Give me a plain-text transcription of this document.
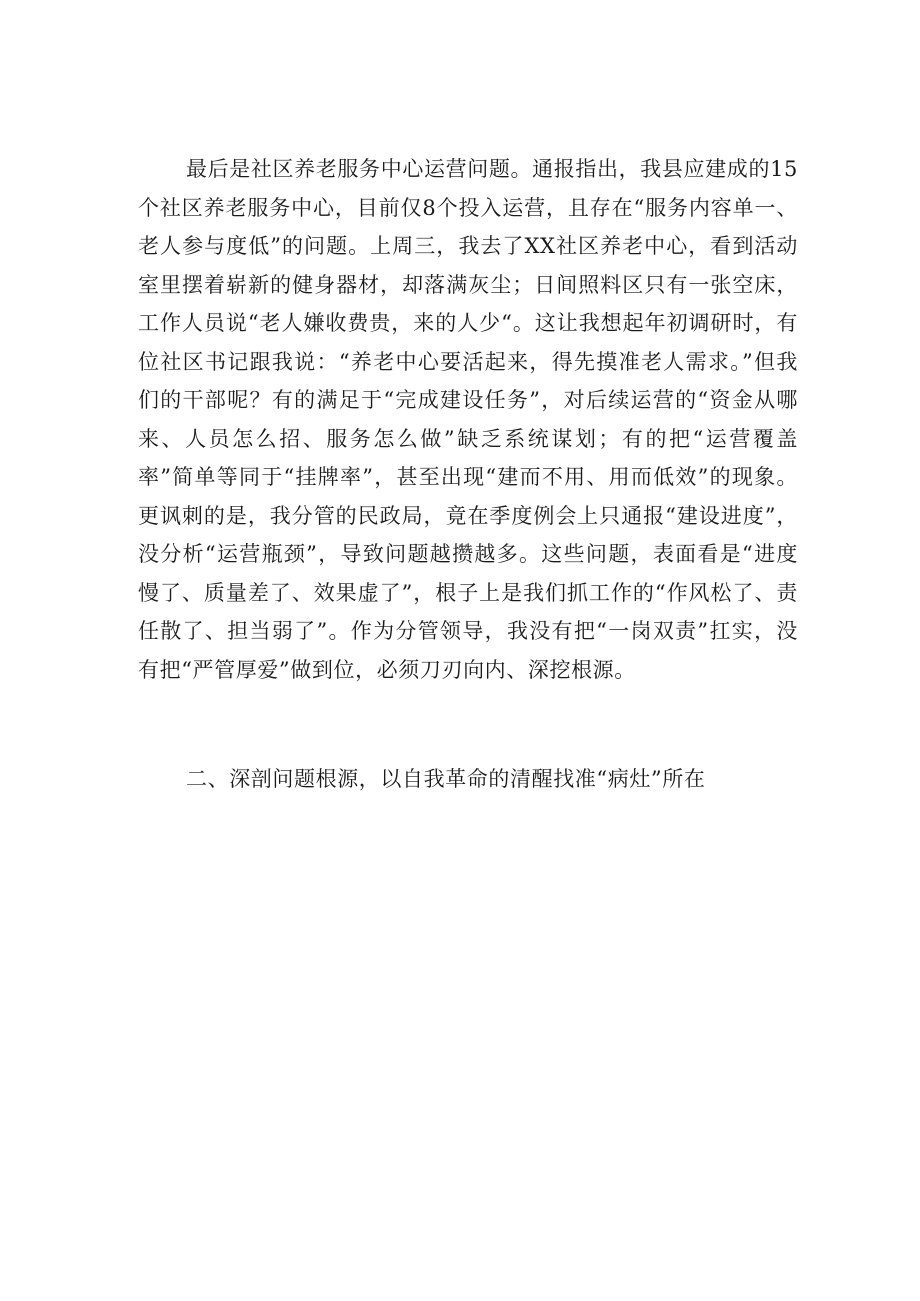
最后是社区养老服务中心运营问题。通报指出，我县应建成的15个社区养老服务中心，目前仅8个投入运营，且存在“服务内容单一、老人参与度低”的问题。上周三，我去了XX社区养老中心，看到活动室里摆着崭新的健身器材，却落满灰尘；日间照料区只有一张空床，工作人员说“老人嫌收费贵，来的人少“。这让我想起年初调研时，有位社区书记跟我说：“养老中心要活起来，得先摸准老人需求。”但我们的干部呢？有的满足于“完成建设任务”，对后续运营的“资金从哪来、人员怎么招、服务怎么做”缺乏系统谋划；有的把“运营覆盖率”简单等同于“挂牌率”，甚至出现“建而不用、用而低效”的现象。更讽刺的是，我分管的民政局，竟在季度例会上只通报“建设进度”，没分析“运营瓶颈”，导致问题越攒越多。这些问题，表面看是“进度慢了、质量差了、效果虚了”，根子上是我们抓工作的“作风松了、责任散了、担当弱了”。作为分管领导，我没有把“一岗双责”扛实，没有把“严管厚爱”做到位，必须刀刃向内、深挖根源。

二、深剖问题根源，以自我革命的清醒找准“病灶”所在
